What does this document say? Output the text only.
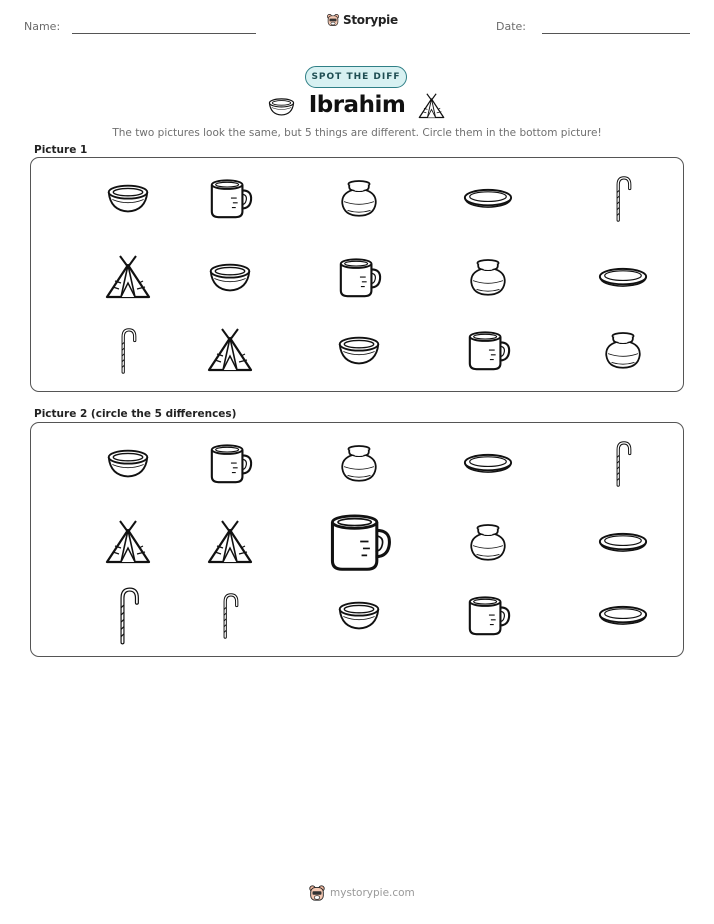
Name:	Storypie	Date:
SPOT THE DIFF
Ibrahim
The two pictures look the same, but 5 things are different. Circle them in the bottom picture!
Picture 1
Picture 2 (circle the 5 differences)
mystorypie.com
